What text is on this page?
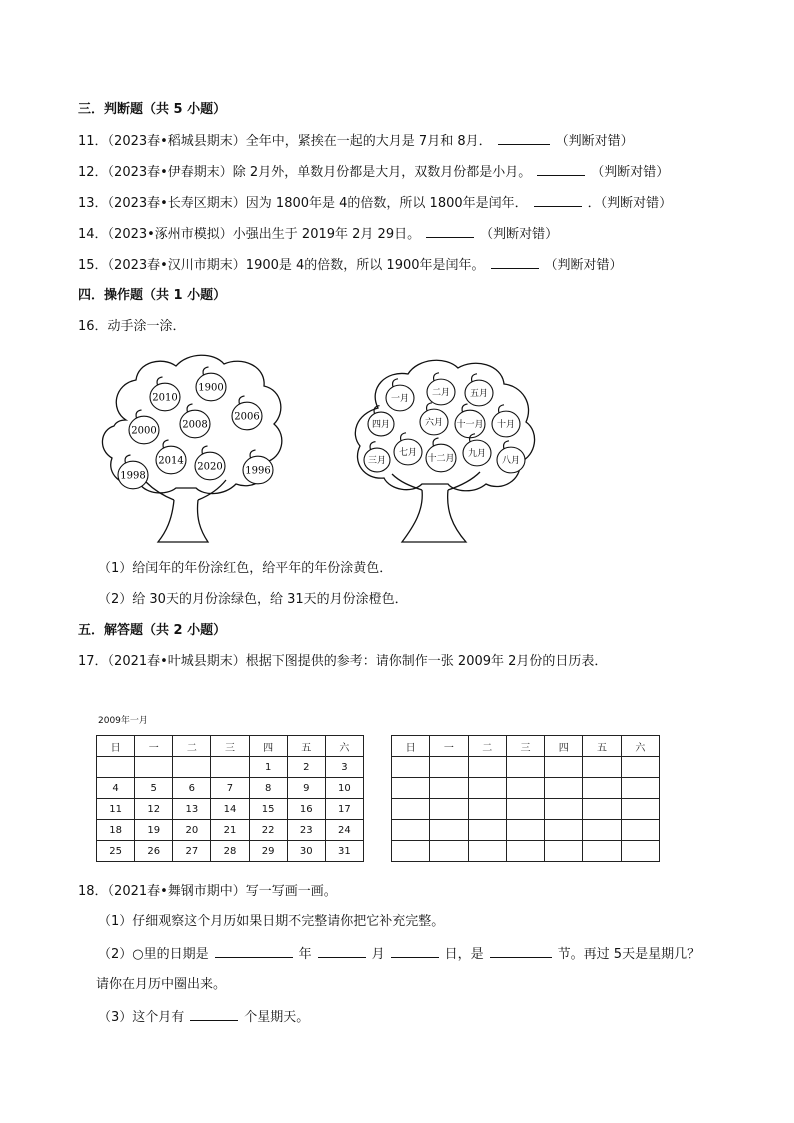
三．判断题（共 5 小题）
11．（2023春•稻城县期末）全年中，紧挨在一起的大月是 7月和 8月．	（判断对错）
12．（2023春•伊春期末）除 2月外，单数月份都是大月，双数月份都是小月。	（判断对错）
13．（2023春•长寿区期末）因为 1800年是 4的倍数，所以 1800年是闰年．	．（判断对错）
14．（2023•涿州市模拟）小强出生于 2019年 2月 29日。	（判断对错）
15．（2023春•汉川市期末）1900是 4的倍数，所以 1900年是闰年。	（判断对错）
四．操作题（共 1 小题）
16．动手涂一涂．
1900
2010
2006
2000
2008
1998
2014
2020 1996
二月 五月
一月
四月	六月 十一月 十月
三月
七月
十二月 九月
八月
（1）给闰年的年份涂红色，给平年的年份涂黄色．
（2）给 30天的月份涂绿色，给 31天的月份涂橙色．
五．解答题（共 2 小题）
17．（2021春•叶城县期末）根据下图提供的参考：请你制作一张 2009年 2月份的日历表．
2009年一月
日	一	二	三	四	五	六
				1	2	3
4	5	6	7	8	9	10
11	12	13	14	15	16	17
18	19	20	21	22	23	24
25	26	27	28	29	30	31
日	一	二	三	四	五	六

18．（2021春•舞钢市期中）写一写画一画。
（1）仔细观察这个月历如果日期不完整请你把它补充完整。
（2）○里的日期是	年	月	日，是	节。再过 5天是星期几？
请你在月历中圈出来。
（3）这个月有	个星期天。
